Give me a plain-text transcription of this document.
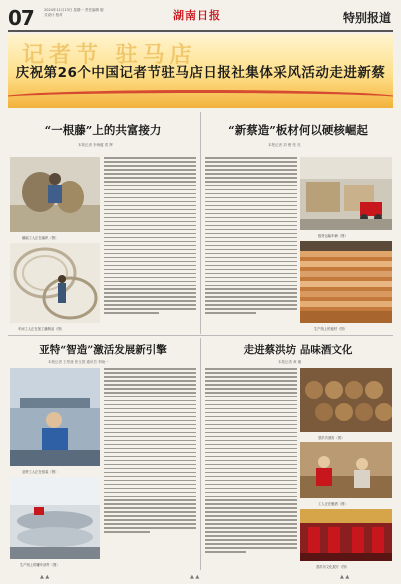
07	2024年11月13日 星期一 责任编辑 版式设计 校对	湖南日报	特别报道
记者节 驻马店
庆祝第26个中国记者节驻马店日报社集体采风活动走进新蔡
“一根藤”上的共富接力
本报记者 李海蕴 郑 辉
藤编工人正在编织（图）
车间工人正在加工藤制品（图）
“新蔡造”板材何以硬核崛起
本报记者 刘 俊 张 亮
板材运输车辆（图）
生产线上的板材（图）
亚特“智造”激活发展新引擎
本报记者 王景战 张玉国 通讯员 李晓一
亚特工人正在组装（图）
生产线上的罐车部件（图）
走进蔡洪坊 品味酒文化
本报记者 黄 娜
蔡洪坊酒窖（图）
工人正在酿酒（图）
蔡洪坊文化展厅（图）
▲ ▲	▲ ▲	▲ ▲
